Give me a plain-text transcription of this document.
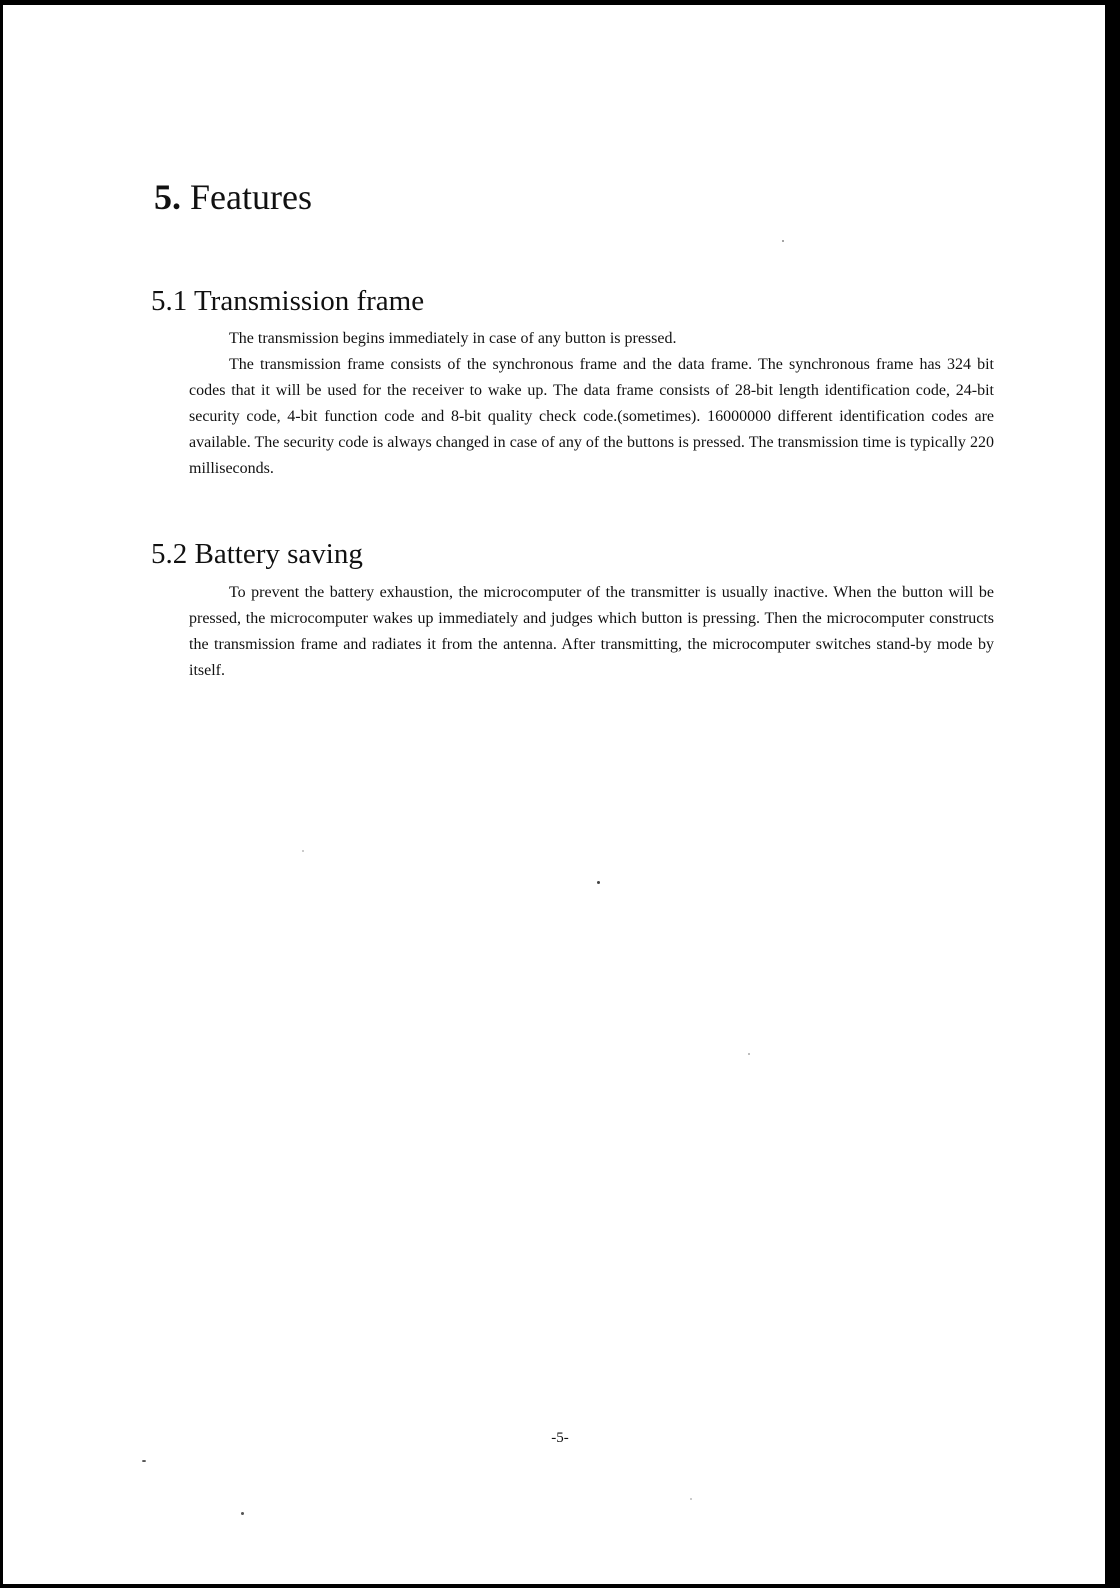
5. Features
5.1 Transmission frame

The transmission begins immediately in case of any button is pressed.

The transmission frame consists of the synchronous frame and the data frame. The synchronous frame has 324 bit codes that it will be used for the receiver to wake up. The data frame consists of 28-bit length identification code, 24-bit security code, 4-bit function code and 8-bit quality check code.(sometimes). 16000000 different identification codes are available. The security code is always changed in case of any of the buttons is pressed. The transmission time is typically 220 milliseconds.

5.2 Battery saving

To prevent the battery exhaustion, the microcomputer of the transmitter is usually inactive. When the button will be pressed, the microcomputer wakes up immediately and judges which button is pressing. Then the microcomputer constructs the transmission frame and radiates it from the antenna. After transmitting, the microcomputer switches stand-by mode by itself.

-5-
